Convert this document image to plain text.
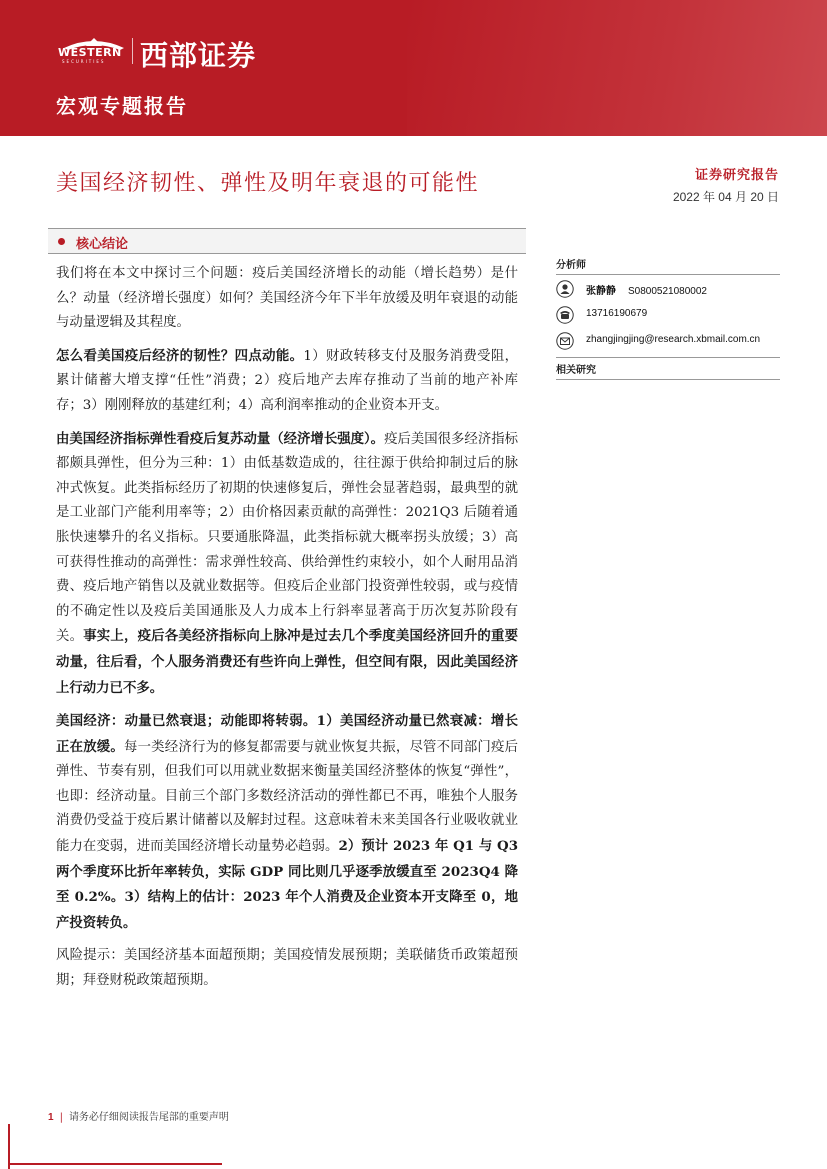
WESTERN
SECURITIES 西部证券
宏观专题报告
美国经济韧性、弹性及明年衰退的可能性	证券研究报告
2022 年 04 月 20 日
核心结论

我们将在本文中探讨三个问题：疫后美国经济增长的动能（增长趋势）是什么？动量（经济增长强度）如何？美国经济今年下半年放缓及明年衰退的动能与动量逻辑及其程度。

怎么看美国疫后经济的韧性？四点动能。1）财政转移支付及服务消费受阻，累计储蓄大增支撑“任性”消费；2）疫后地产去库存推动了当前的地产补库存；3）刚刚释放的基建红利；4）高利润率推动的企业资本开支。

由美国经济指标弹性看疫后复苏动量（经济增长强度）。疫后美国很多经济指标都颇具弹性，但分为三种：1）由低基数造成的，往往源于供给抑制过后的脉冲式恢复。此类指标经历了初期的快速修复后，弹性会显著趋弱，最典型的就是工业部门产能利用率等；2）由价格因素贡献的高弹性：2021Q3 后随着通胀快速攀升的名义指标。只要通胀降温，此类指标就大概率拐头放缓；3）高可获得性推动的高弹性：需求弹性较高、供给弹性约束较小，如个人耐用品消费、疫后地产销售以及就业数据等。但疫后企业部门投资弹性较弱，或与疫情的不确定性以及疫后美国通胀及人力成本上行斜率显著高于历次复苏阶段有关。事实上，疫后各美经济指标向上脉冲是过去几个季度美国经济回升的重要动量，往后看，个人服务消费还有些许向上弹性，但空间有限，因此美国经济上行动力已不多。

美国经济：动量已然衰退；动能即将转弱。1）美国经济动量已然衰减：增长正在放缓。每一类经济行为的修复都需要与就业恢复共振，尽管不同部门疫后弹性、节奏有别，但我们可以用就业数据来衡量美国经济整体的恢复“弹性”，也即：经济动量。目前三个部门多数经济活动的弹性都已不再，唯独个人服务消费仍受益于疫后累计储蓄以及解封过程。这意味着未来美国各行业吸收就业能力在变弱，进而美国经济增长动量势必趋弱。2）预计 2023 年 Q1 与 Q3 两个季度环比折年率转负，实际 GDP 同比则几乎逐季放缓直至 2023Q4 降至 0.2%。3）结构上的估计：2023 年个人消费及企业资本开支降至 0，地产投资转负。

风险提示：美国经济基本面超预期；美国疫情发展预期；美联储货币政策超预期；拜登财税政策超预期。

分析师
张静静 S0800521080002
13716190679
zhangjingjing@research.xbmail.com.cn
相关研究
1 | 请务必仔细阅读报告尾部的重要声明
